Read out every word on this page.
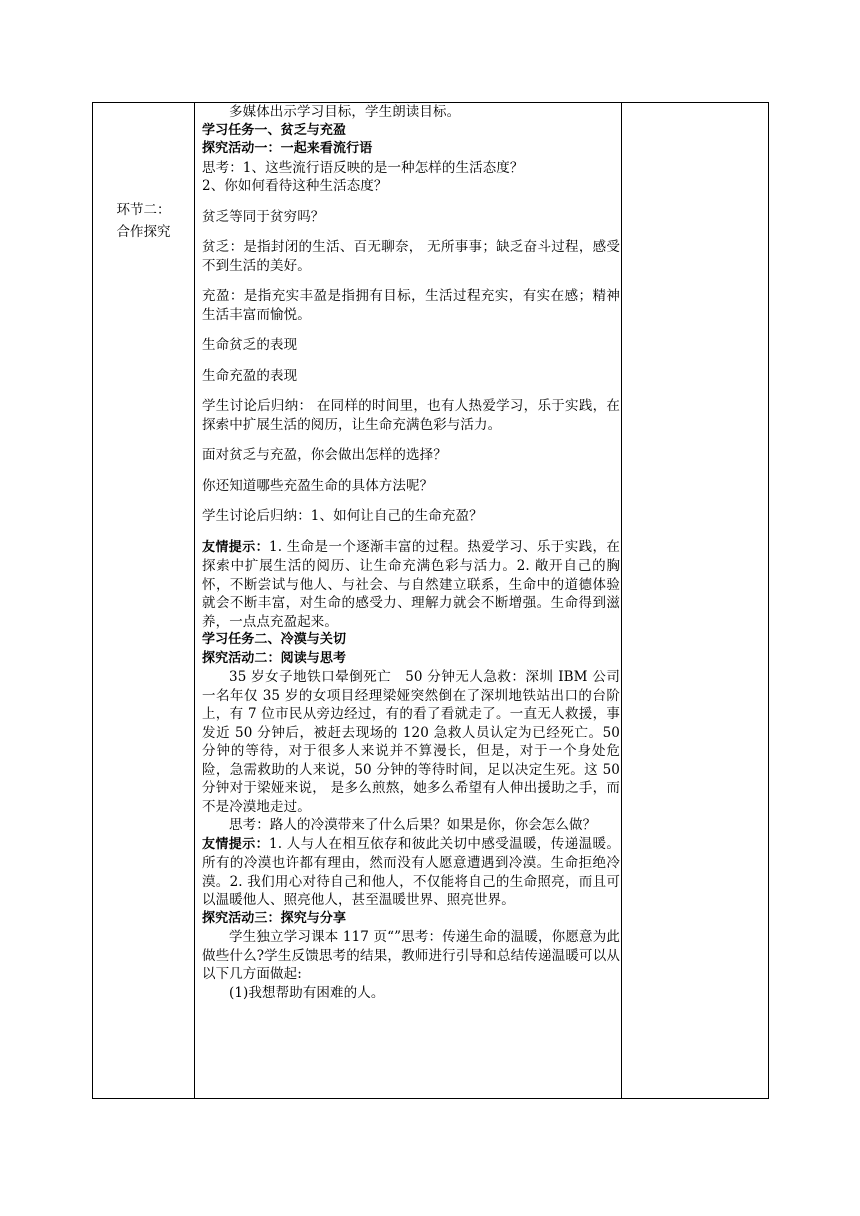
环节二：
合作探究

多媒体出示学习目标，学生朗读目标。

学习任务一、贫乏与充盈

探究活动一：一起来看流行语

思考：1、这些流行语反映的是一种怎样的生活态度？

2、你如何看待这种生活态度？

贫乏等同于贫穷吗？

贫乏：是指封闭的生活、百无聊奈， 无所事事；缺乏奋斗过程，感受不到生活的美好。

充盈：是指充实丰盈是指拥有目标，生活过程充实，有实在感；精神生活丰富而愉悦。

生命贫乏的表现

生命充盈的表现

学生讨论后归纳： 在同样的时间里，也有人热爱学习，乐于实践，在探索中扩展生活的阅历，让生命充满色彩与活力。

面对贫乏与充盈，你会做出怎样的选择？

你还知道哪些充盈生命的具体方法呢？

学生讨论后归纳：1、如何让自己的生命充盈？

友情提示：1. 生命是一个逐渐丰富的过程。热爱学习、乐于实践，在探索中扩展生活的阅历、让生命充满色彩与活力。2. 敞开自己的胸怀，不断尝试与他人、与社会、与自然建立联系，生命中的道德体验就会不断丰富，对生命的感受力、理解力就会不断增强。生命得到滋养，一点点充盈起来。

学习任务二、冷漠与关切

探究活动二：阅读与思考

35 岁女子地铁口晕倒死亡　50 分钟无人急救：深圳 IBM 公司一名年仅 35 岁的女项目经理梁娅突然倒在了深圳地铁站出口的台阶上，有 7 位市民从旁边经过，有的看了看就走了。一直无人救援，事发近 50 分钟后，被赶去现场的 120 急救人员认定为已经死亡。50 分钟的等待，对于很多人来说并不算漫长，但是，对于一个身处危险，急需救助的人来说，50 分钟的等待时间，足以决定生死。这 50 分钟对于梁娅来说， 是多么煎熬，她多么希望有人伸出援助之手，而不是冷漠地走过。

思考：路人的冷漠带来了什么后果？如果是你，你会怎么做？

友情提示：1. 人与人在相互依存和彼此关切中感受温暖，传递温暖。所有的冷漠也许都有理由，然而没有人愿意遭遇到冷漠。生命拒绝冷漠。2. 我们用心对待自己和他人，不仅能将自己的生命照亮，而且可以温暖他人、照亮他人，甚至温暖世界、照亮世界。

探究活动三：探究与分享

学生独立学习课本 117 页“”思考：传递生命的温暖，你愿意为此做些什么?学生反馈思考的结果，教师进行引导和总结传递温暖可以从以下几方面做起:

(1)我想帮助有困难的人。
